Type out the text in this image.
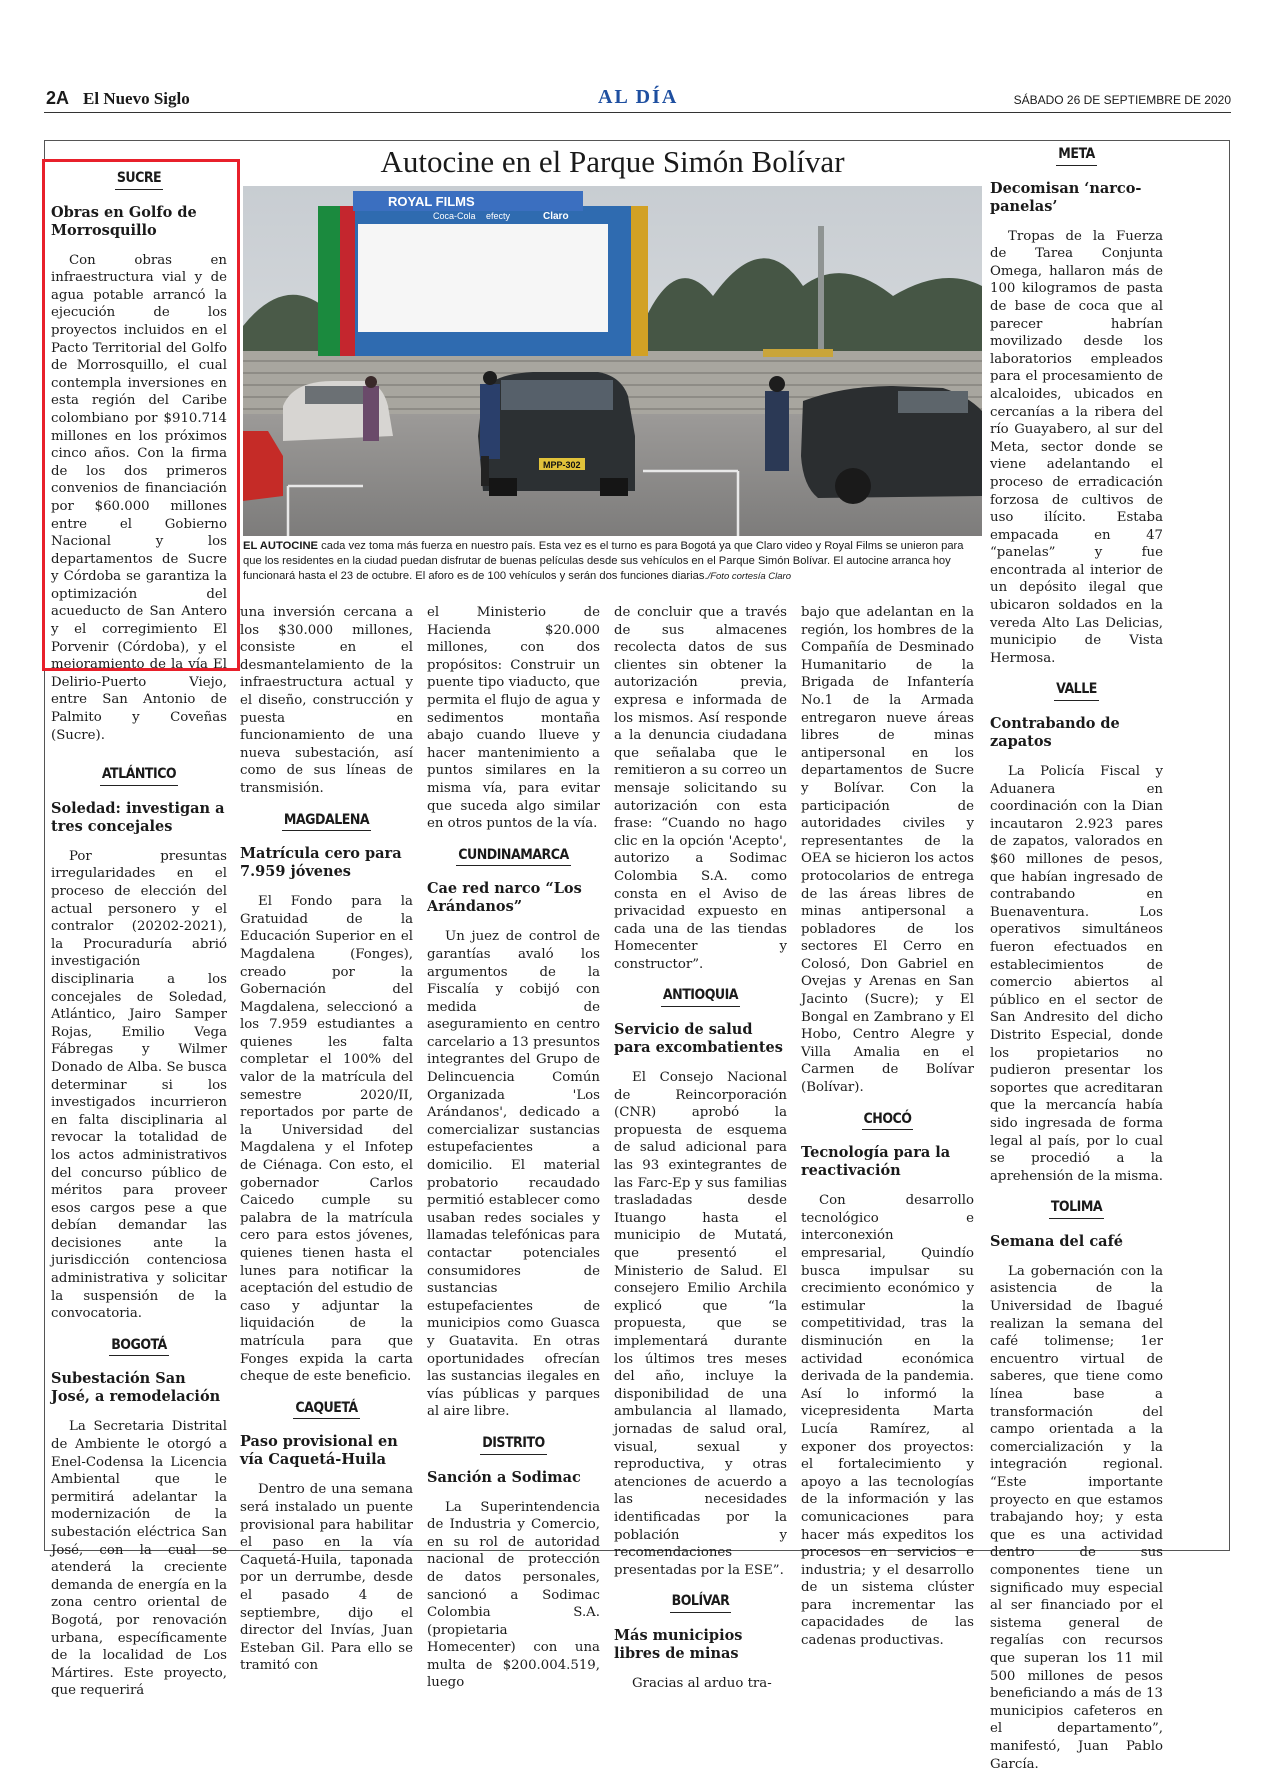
2A El Nuevo Siglo	AL DÍA	SÁBADO 26 DE SEPTIEMBRE DE 2020
Autocine en el Parque Simón Bolívar
ROYAL FILMS
Claro
Coca-Cola efecty
MPP-302
EL AUTOCINE cada vez toma más fuerza en nuestro país. Esta vez es el turno es para Bogotá ya que Claro video y Royal Films se unieron para que los residentes en la ciudad puedan disfrutar de buenas películas desde sus vehículos en el Parque Simón Bolívar. El autocine arranca hoy funcionará hasta el 23 de octubre. El aforo es de 100 vehículos y serán dos funciones diarias./Foto cortesía Claro
SUCRE
Obras en Golfo de Morrosquillo

Con obras en infraestructura vial y de agua potable arrancó la ejecución de los proyectos incluidos en el Pacto Territorial del Golfo de Morrosquillo, el cual contempla inversiones en esta región del Caribe colombiano por $910.714 millones en los próximos cinco años. Con la firma de los dos primeros convenios de financiación por $60.000 millones entre el Gobierno Nacional y los departamentos de Sucre y Córdoba se garantiza la optimización del acueducto de San Antero y el corregimiento El Porvenir (Córdoba), y el mejoramiento de la vía El Delirio-Puerto Viejo, entre San Antonio de Palmito y Coveñas (Sucre).

ATLÁNTICO
Soledad: investigan a tres concejales

Por presuntas irregularidades en el proceso de elección del actual personero y el contralor (20202-2021), la Procuraduría abrió investigación disciplinaria a los concejales de Soledad, Atlántico, Jairo Samper Rojas, Emilio Vega Fábregas y Wilmer Donado de Alba. Se busca determinar si los investigados incurrieron en falta disciplinaria al revocar la totalidad de los actos administrativos del concurso público de méritos para proveer esos cargos pese a que debían demandar las decisiones ante la jurisdicción contenciosa administrativa y solicitar la suspensión de la convocatoria.

BOGOTÁ
Subestación San José, a remodelación

La Secretaria Distrital de Ambiente le otorgó a Enel-Codensa la Licencia Ambiental que le permitirá adelantar la modernización de la subestación eléctrica San José, con la cual se atenderá la creciente demanda de energía en la zona centro oriental de Bogotá, por renovación urbana, específicamente de la localidad de Los Mártires. Este proyecto, que requerirá

una inversión cercana a los $30.000 millones, consiste en el desmantelamiento de la infraestructura actual y el diseño, construcción y puesta en funcionamiento de una nueva subestación, así como de sus líneas de transmisión.

MAGDALENA
Matrícula cero para 7.959 jóvenes

El Fondo para la Gratuidad de la Educación Superior en el Magdalena (Fonges), creado por la Gobernación del Magdalena, seleccionó a los 7.959 estudiantes a quienes les falta completar el 100% del valor de la matrícula del semestre 2020/II, reportados por parte de la Universidad del Magdalena y el Infotep de Ciénaga. Con esto, el gobernador Carlos Caicedo cumple su palabra de la matrícula cero para estos jóvenes, quienes tienen hasta el lunes para notificar la aceptación del estudio de caso y adjuntar la liquidación de la matrícula para que Fonges expida la carta cheque de este beneficio.

CAQUETÁ
Paso provisional en vía Caquetá-Huila

Dentro de una semana será instalado un puente provisional para habilitar el paso en la vía Caquetá-Huila, taponada por un derrumbe, desde el pasado 4 de septiembre, dijo el director del Invías, Juan Esteban Gil. Para ello se tramitó con

el Ministerio de Hacienda $20.000 millones, con dos propósitos: Construir un puente tipo viaducto, que permita el flujo de agua y sedimentos montaña abajo cuando llueve y hacer mantenimiento a puntos similares en la misma vía, para evitar que suceda algo similar en otros puntos de la vía.

CUNDINAMARCA
Cae red narco “Los Arándanos”

Un juez de control de garantías avaló los argumentos de la Fiscalía y cobijó con medida de aseguramiento en centro carcelario a 13 presuntos integrantes del Grupo de Delincuencia Común Organizada 'Los Arándanos', dedicado a comercializar sustancias estupefacientes a domicilio. El material probatorio recaudado permitió establecer como usaban redes sociales y llamadas telefónicas para contactar potenciales consumidores de sustancias estupefacientes de municipios como Guasca y Guatavita. En otras oportunidades ofrecían las sustancias ilegales en vías públicas y parques al aire libre.

DISTRITO
Sanción a Sodimac

La Superintendencia de Industria y Comercio, en su rol de autoridad nacional de protección de datos personales, sancionó a Sodimac Colombia S.A. (propietaria Homecenter) con una multa de $200.004.519, luego

de concluir que a través de sus almacenes recolecta datos de sus clientes sin obtener la autorización previa, expresa e informada de los mismos. Así responde a la denuncia ciudadana que señalaba que le remitieron a su correo un mensaje solicitando su autorización con esta frase: “Cuando no hago clic en la opción 'Acepto', autorizo a Sodimac Colombia S.A. como consta en el Aviso de privacidad expuesto en cada una de las tiendas Homecenter y constructor”.

ANTIOQUIA
Servicio de salud para excombatientes

El Consejo Nacional de Reincorporación (CNR) aprobó la propuesta de esquema de salud adicional para las 93 exintegrantes de las Farc-Ep y sus familias trasladadas desde Ituango hasta el municipio de Mutatá, que presentó el Ministerio de Salud. El consejero Emilio Archila explicó que “la propuesta, que se implementará durante los últimos tres meses del año, incluye la disponibilidad de una ambulancia al llamado, jornadas de salud oral, visual, sexual y reproductiva, y otras atenciones de acuerdo a las necesidades identificadas por la población y recomendaciones presentadas por la ESE”.

BOLÍVAR
Más municipios libres de minas

Gracias al arduo tra-

bajo que adelantan en la región, los hombres de la Compañía de Desminado Humanitario de la Brigada de Infantería No.1 de la Armada entregaron nueve áreas libres de minas antipersonal en los departamentos de Sucre y Bolívar. Con la participación de autoridades civiles y representantes de la OEA se hicieron los actos protocolarios de entrega de las áreas libres de minas antipersonal a pobladores de los sectores El Cerro en Colosó, Don Gabriel en Ovejas y Arenas en San Jacinto (Sucre); y El Bongal en Zambrano y El Hobo, Centro Alegre y Villa Amalia en el Carmen de Bolívar (Bolívar).

CHOCÓ
Tecnología para la reactivación

Con desarrollo tecnológico e interconexión empresarial, Quindío busca impulsar su crecimiento económico y estimular la competitividad, tras la disminución en la actividad económica derivada de la pandemia. Así lo informó la vicepresidenta Marta Lucía Ramírez, al exponer dos proyectos: el fortalecimiento y apoyo a las tecnologías de la información y las comunicaciones para hacer más expeditos los procesos en servicios e industria; y el desarrollo de un sistema clúster para incrementar las capacidades de las cadenas productivas.

META
Decomisan ‘narco-panelas’

Tropas de la Fuerza de Tarea Conjunta Omega, hallaron más de 100 kilogramos de pasta de base de coca que al parecer habrían movilizado desde los laboratorios empleados para el procesamiento de alcaloides, ubicados en cercanías a la ribera del río Guayabero, al sur del Meta, sector donde se viene adelantando el proceso de erradicación forzosa de cultivos de uso ilícito. Estaba empacada en 47 “panelas” y fue encontrada al interior de un depósito ilegal que ubicaron soldados en la vereda Alto Las Delicias, municipio de Vista Hermosa.

VALLE
Contrabando de zapatos

La Policía Fiscal y Aduanera en coordinación con la Dian incautaron 2.923 pares de zapatos, valorados en $60 millones de pesos, que habían ingresado de contrabando en Buenaventura. Los operativos simultáneos fueron efectuados en establecimientos de comercio abiertos al público en el sector de San Andresito del dicho Distrito Especial, donde los propietarios no pudieron presentar los soportes que acreditaran que la mercancía había sido ingresada de forma legal al país, por lo cual se procedió a la aprehensión de la misma.

TOLIMA
Semana del café

La gobernación con la asistencia de la Universidad de Ibagué realizan la semana del café tolimense; 1er encuentro virtual de saberes, que tiene como línea base a transformación del campo orientada a la comercialización y la integración regional. “Este importante proyecto en que estamos trabajando hoy; y esta que es una actividad dentro de sus componentes tiene un significado muy especial al ser financiado por el sistema general de regalías con recursos que superan los 11 mil 500 millones de pesos beneficiando a más de 13 municipios cafeteros en el departamento”, manifestó, Juan Pablo García.
